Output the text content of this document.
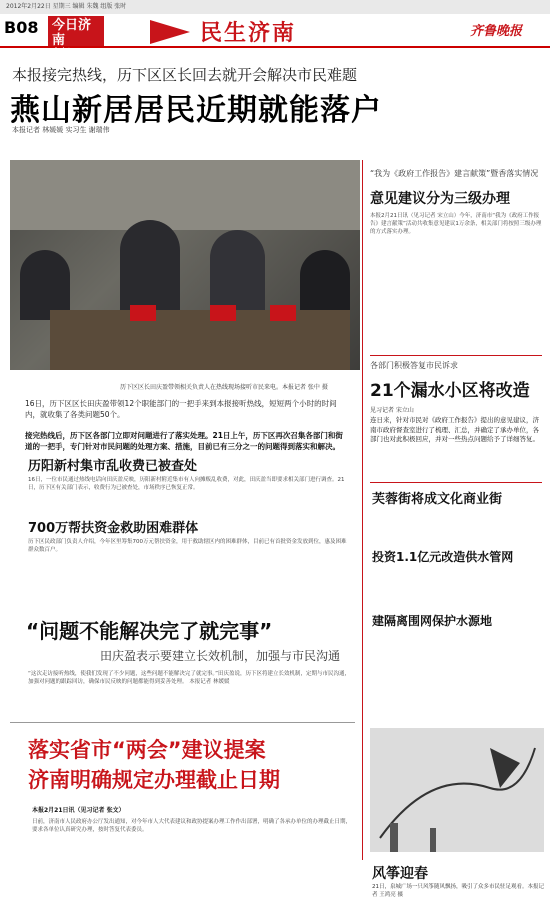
2012年2月22日 星期三 编辑 朱魏 组版 张时
B08 今日济南
主打
民生济南	齐鲁晚报
本报接完热线，历下区区长回去就开会解决市民难题
燕山新居居民近期就能落户
本报记者 林媛媛 实习生 谢瑞伟
历下区区长田庆盈带领相关负责人在热线现场接听市民来电。本报记者 张中 摄
16日，历下区区长田庆盈带领12个职能部门的一把手来到本报接听热线，短短两个小时的时间内，就收集了各类问题50个。
接完热线后，历下区各部门立即对问题进行了落实处理。21日上午，历下区再次召集各部门和街道的一把手，专门针对市民问题的处理方案、措施，目前已有三分之一的问题得到落实和解决。
历阳新村集市乱收费已被查处
16日，一位市民通过热线电话向田庆盈反映，历阳新村附近集市有人向摊贩乱收费，对此，田庆盈当即要求相关部门进行调查。21日，历下区有关部门表示，收费行为已被查处，市场秩序已恢复正常。
700万帮扶资金救助困难群体
历下区民政部门负责人介绍，今年区里筹集700万元帮扶资金，用于救助辖区内的困难群体，目前已有首批资金发放到位，惠及困难群众数百户。
“问题不能解决完了就完事”
田庆盈表示要建立长效机制，加强与市民沟通
“这次走访接听热线，使我们发现了不少问题，这些问题不能解决完了就完事。”田庆盈说，历下区将建立长效机制，定期与市民沟通，加强对问题的跟踪回访，确保市民反映的问题都能得到妥善处理。 本报记者 林媛媛
落实省市“两会”建议提案
济南明确规定办理截止日期
本报2月21日讯（见习记者 张文）
日前，济南市人民政府办公厅发出通知，对今年市人大代表建议和政协提案办理工作作出部署，明确了各承办单位的办理截止日期，要求各单位认真研究办理，按时答复代表委员。
“我为《政府工作报告》建言献策”暨香落实情况
意见建议分为三级办理
本报2月21日讯（见习记者 宋立山）今年，济南市“我为《政府工作报告》建言献策”活动共收集意见建议1万余条，相关部门将按照三级办理的方式落实办理。
各部门积极答复市民诉求
21个漏水小区将改造
见习记者 宋立山
连日来，针对市民对《政府工作报告》提出的意见建议，济南市政府督查室进行了梳理、汇总，并确定了承办单位，各部门也对此积极回应，并对一些热点问题给予了详细答复。
芙蓉街将成文化商业街
投资1.1亿元改造供水管网
建隔离围网保护水源地
风筝迎春
21日，泉城广场一只风筝随风飘扬，吸引了众多市民驻足观看。本报记者 王鸿亮 摄
